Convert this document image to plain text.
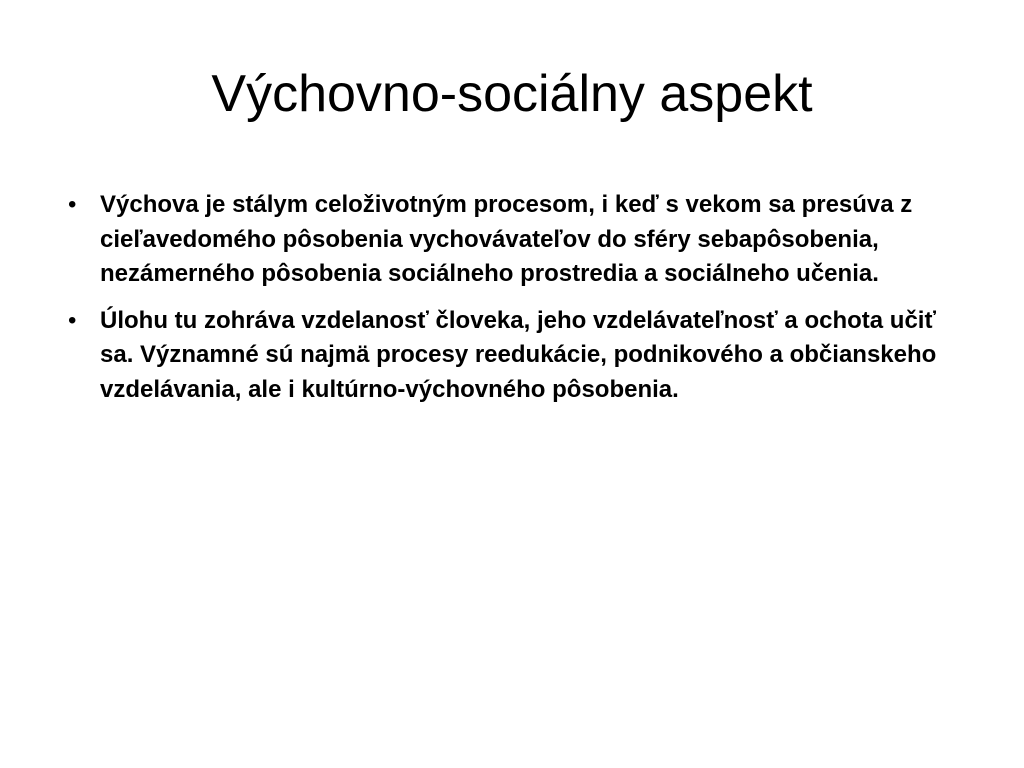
Výchovno-sociálny aspekt
• Výchova je stálym celoživotným procesom, i keď s vekom sa presúva z cieľavedomého pôsobenia vychovávateľov do sféry sebapôsobenia, nezámerného pôsobenia sociálneho prostredia a sociálneho učenia.
• Úlohu tu zohráva vzdelanosť človeka, jeho vzdelávateľnosť a ochota učiť sa. Významné sú najmä procesy reedukácie, podnikového a občianskeho vzdelávania, ale i kultúrno-výchovného pôsobenia.
